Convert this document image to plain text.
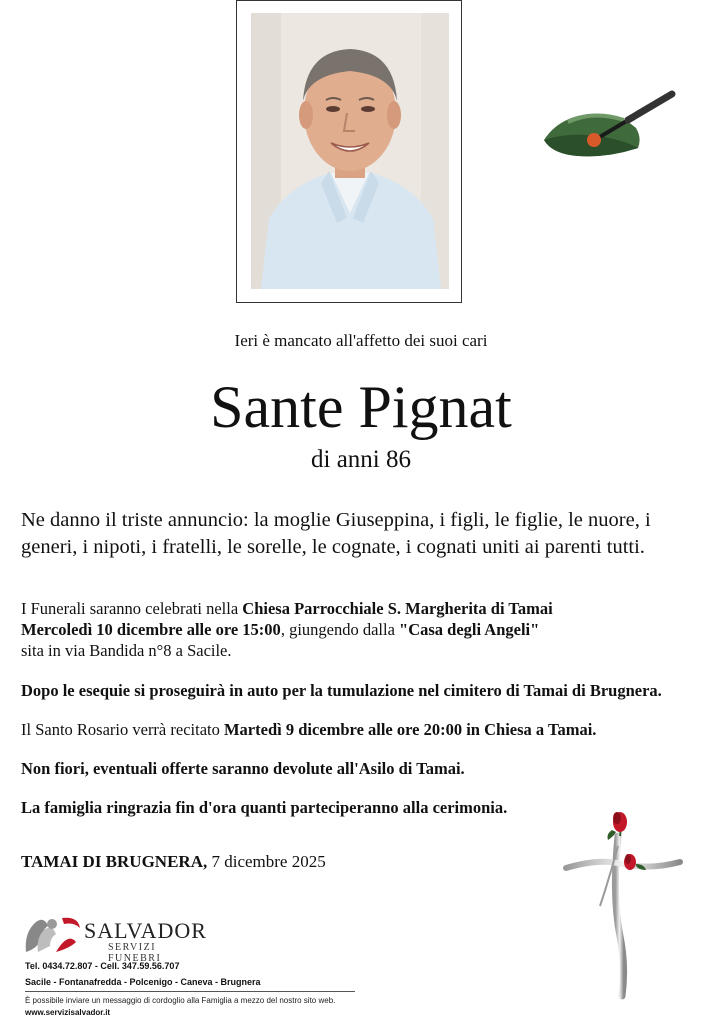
Ieri è mancato all'affetto dei suoi cari
Sante Pignat
di anni 86
Ne danno il triste annuncio: la moglie Giuseppina, i figli, le figlie, le nuore, i generi, i nipoti, i fratelli, le sorelle, le cognate, i cognati uniti ai parenti tutti.
I Funerali saranno celebrati nella Chiesa Parrocchiale S. Margherita di Tamai
Mercoledì 10 dicembre alle ore 15:00, giungendo dalla "Casa degli Angeli"
sita in via Bandida n°8 a Sacile.
Dopo le esequie si proseguirà in auto per la tumulazione nel cimitero di Tamai di Brugnera.
Il Santo Rosario verrà recitato Martedì 9 dicembre alle ore 20:00 in Chiesa a Tamai.
Non fiori, eventuali offerte saranno devolute all'Asilo di Tamai.
La famiglia ringrazia fin d'ora quanti parteciperanno alla cerimonia.
TAMAI DI BRUGNERA, 7 dicembre 2025
SALVADOR
SERVIZI FUNEBRI
Tel. 0434.72.807 - Cell. 347.59.56.707
Sacile - Fontanafredda - Polcenigo - Caneva - Brugnera
È possibile inviare un messaggio di cordoglio alla Famiglia a mezzo del nostro sito web.
www.servizisalvador.it
